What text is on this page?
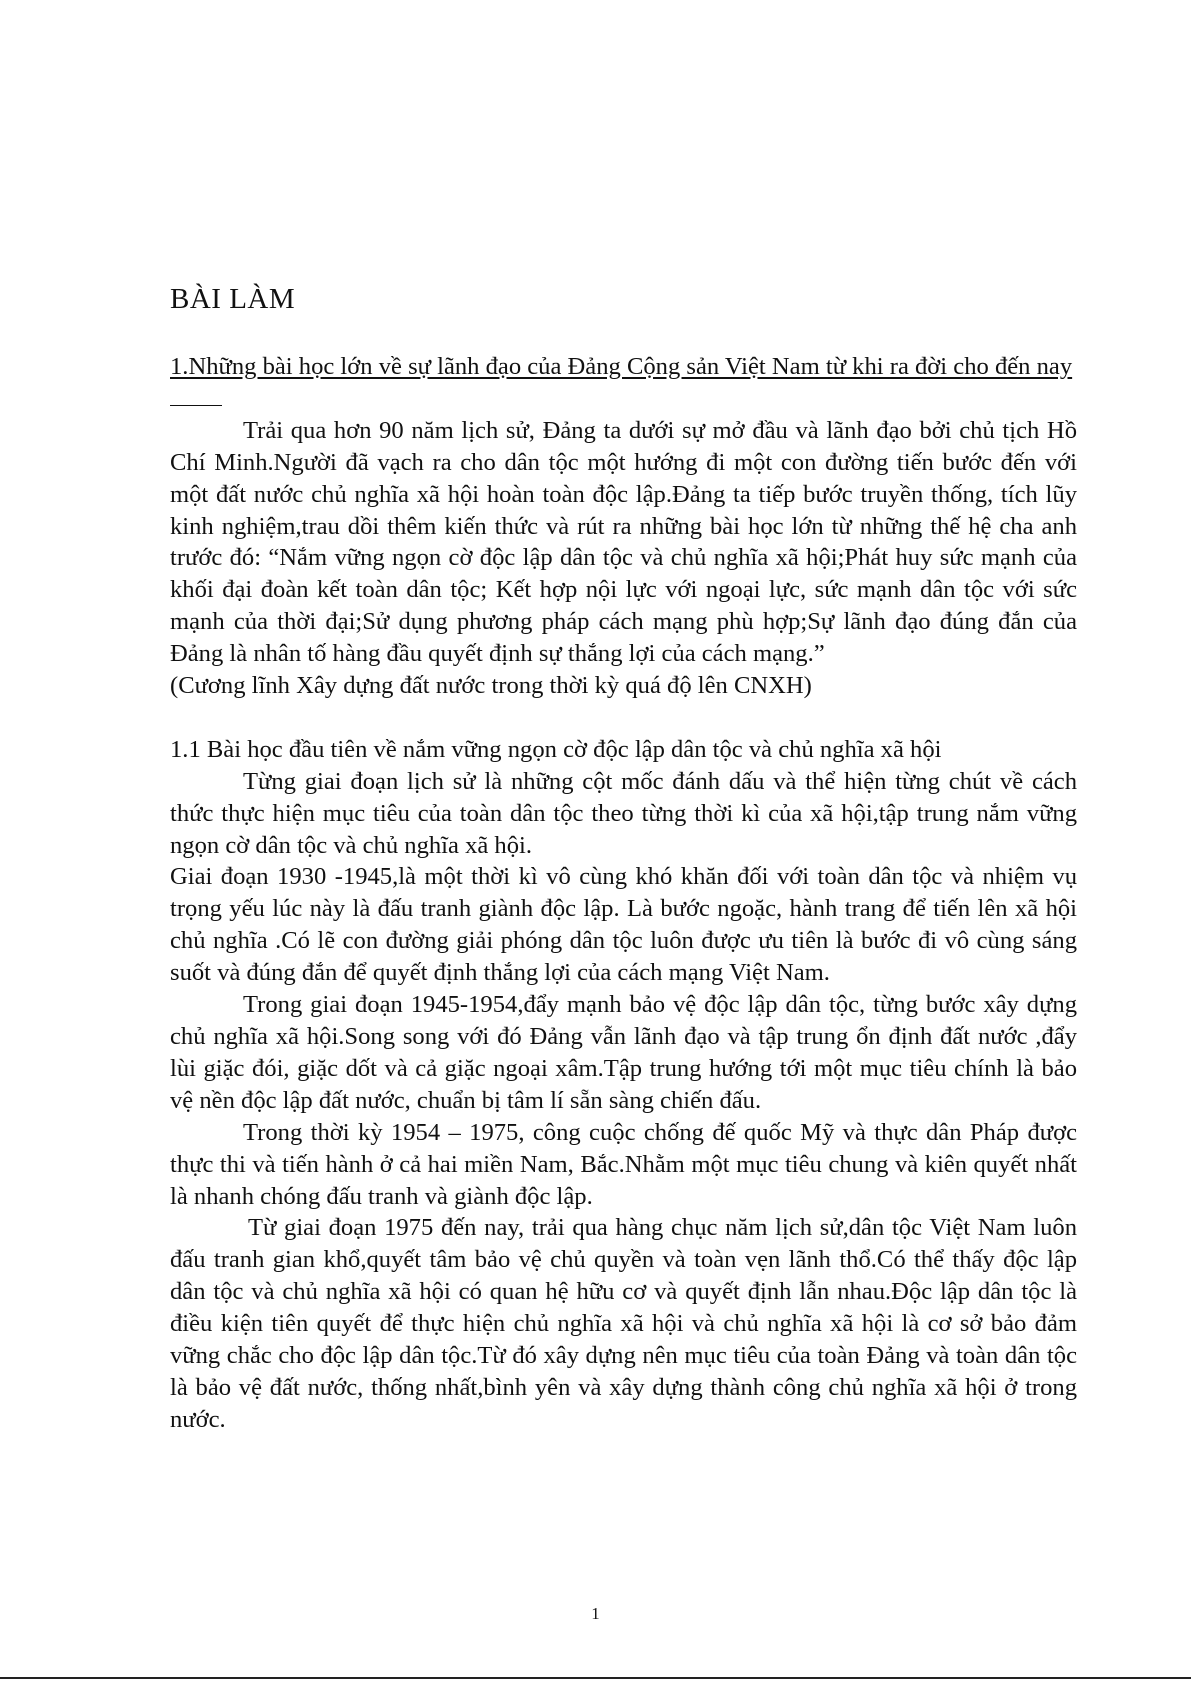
BÀI LÀM

1.Những bài học lớn về sự lãnh đạo của Đảng Cộng sản Việt Nam từ khi ra đời cho đến nay

Trải qua hơn 90 năm lịch sử, Đảng ta dưới sự mở đầu và lãnh đạo bởi chủ tịch Hồ Chí Minh.Người đã vạch ra cho dân tộc một hướng đi một con đường tiến bước đến với một đất nước chủ nghĩa xã hội hoàn toàn độc lập.Đảng ta tiếp bước truyền thống, tích lũy kinh nghiệm,trau dồi thêm kiến thức và rút ra những bài học lớn từ những thế hệ cha anh trước đó: “Nắm vững ngọn cờ độc lập dân tộc và chủ nghĩa xã hội;Phát huy sức mạnh của khối đại đoàn kết toàn dân tộc; Kết hợp nội lực với ngoại lực, sức mạnh dân tộc với sức mạnh của thời đại;Sử dụng phương pháp cách mạng phù hợp;Sự lãnh đạo đúng đắn của Đảng là nhân tố hàng đầu quyết định sự thắng lợi của cách mạng.”

(Cương lĩnh Xây dựng đất nước trong thời kỳ quá độ lên CNXH)

1.1 Bài học đầu tiên về nắm vững ngọn cờ độc lập dân tộc và chủ nghĩa xã hội

Từng giai đoạn lịch sử là những cột mốc đánh dấu và thể hiện từng chút về cách thức thực hiện mục tiêu của toàn dân tộc theo từng thời kì của xã hội,tập trung nắm vững ngọn cờ dân tộc và chủ nghĩa xã hội.

Giai đoạn 1930 -1945,là một thời kì vô cùng khó khăn đối với toàn dân tộc và nhiệm vụ trọng yếu lúc này là đấu tranh giành độc lập. Là bước ngoặc, hành trang để tiến lên xã hội chủ nghĩa .Có lẽ con đường giải phóng dân tộc luôn được ưu tiên là bước đi vô cùng sáng suốt và đúng đắn để quyết định thắng lợi của cách mạng Việt Nam.

Trong giai đoạn 1945-1954,đẩy mạnh bảo vệ độc lập dân tộc, từng bước xây dựng chủ nghĩa xã hội.Song song với đó Đảng vẫn lãnh đạo và tập trung ổn định đất nước ,đẩy lùi giặc đói, giặc dốt và cả giặc ngoại xâm.Tập trung hướng tới một mục tiêu chính là bảo vệ nền độc lập đất nước, chuẩn bị tâm lí sẵn sàng chiến đấu.

Trong thời kỳ 1954 – 1975, công cuộc chống đế quốc Mỹ và thực dân Pháp được thực thi và tiến hành ở cả hai miền Nam, Bắc.Nhằm một mục tiêu chung và kiên quyết nhất là nhanh chóng đấu tranh và giành độc lập.

Từ giai đoạn 1975 đến nay, trải qua hàng chục năm lịch sử,dân tộc Việt Nam luôn đấu tranh gian khổ,quyết tâm bảo vệ chủ quyền và toàn vẹn lãnh thổ.Có thể thấy độc lập dân tộc và chủ nghĩa xã hội có quan hệ hữu cơ và quyết định lẫn nhau.Độc lập dân tộc là điều kiện tiên quyết để thực hiện chủ nghĩa xã hội và chủ nghĩa xã hội là cơ sở bảo đảm vững chắc cho độc lập dân tộc.Từ đó xây dựng nên mục tiêu của toàn Đảng và toàn dân tộc là bảo vệ đất nước, thống nhất,bình yên và xây dựng thành công chủ nghĩa xã hội ở trong nước.

1
